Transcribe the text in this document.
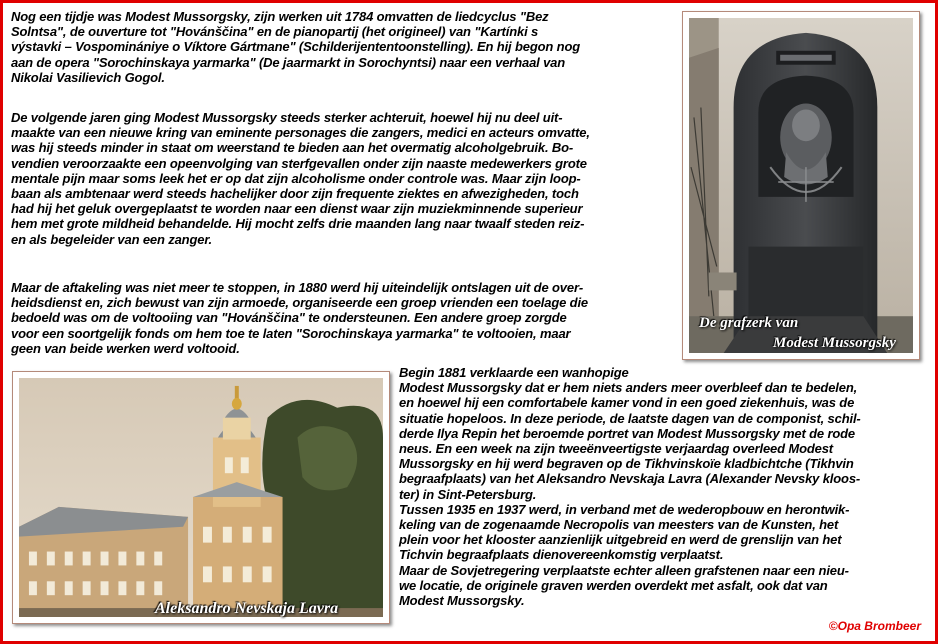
Nog een tijdje was Modest Mussorgsky, zijn werken uit 1784 omvatten de liedcyclus "Bez
Solntsa", de ouverture tot "Hovánščina" en de pianopartij (het origineel) van "Kartínki s
výstavki – Vospominániye o Víktore Gártmane" (Schilderijententoonstelling). En hij begon nog
aan de opera "Sorochinskaya yarmarka" (De jaarmarkt in Sorochyntsi) naar een verhaal van
Nikolai Vasilievich Gogol.

De volgende jaren ging Modest Mussorgsky steeds sterker achteruit, hoewel hij nu deel uit-
maakte van een nieuwe kring van eminente personages die zangers, medici en acteurs omvatte,
was hij steeds minder in staat om weerstand te bieden aan het overmatig alcoholgebruik. Bo-
vendien veroorzaakte een opeenvolging van sterfgevallen onder zijn naaste medewerkers grote
mentale pijn maar soms leek het er op dat zijn alcoholisme onder controle was. Maar zijn loop-
baan als ambtenaar werd steeds hachelijker door zijn frequente ziektes en afwezigheden, toch
had hij het geluk overgeplaatst te worden naar een dienst waar zijn muziekminnende superieur
hem met grote mildheid behandelde. Hij mocht zelfs drie maanden lang naar twaalf steden reiz-
en als begeleider van een zanger.

Maar de aftakeling was niet meer te stoppen, in 1880 werd hij uiteindelijk ontslagen uit de over-
heidsdienst en, zich bewust van zijn armoede, organiseerde een groep vrienden een toelage die
bedoeld was om de voltooiing van "Hovánščina" te ondersteunen. Een andere groep zorgde
voor een soortgelijk fonds om hem toe te laten "Sorochinskaya yarmarka" te voltooien, maar
geen van beide werken werd voltooid.

Begin 1881 verklaarde een wanhopige
Modest Mussorgsky dat er hem niets anders meer overbleef dan te bedelen,
en hoewel hij een comfortabele kamer vond in een goed ziekenhuis, was de
situatie hopeloos. In deze periode, de laatste dagen van de componist, schil-
derde Ilya Repin het beroemde portret van Modest Mussorgsky met de rode
neus. En een week na zijn tweeënveertigste verjaardag overleed Modest
Mussorgsky en hij werd begraven op de Tikhvinskoïe kladbichtche (Tikhvin
begraafplaats) van het Aleksandro Nevskaja Lavra (Alexander Nevsky kloos-
ter) in Sint-Petersburg.
Tussen 1935 en 1937 werd, in verband met de wederopbouw en herontwik-
keling van de zogenaamde Necropolis van meesters van de Kunsten, het
plein voor het klooster aanzienlijk uitgebreid en werd de grenslijn van het
Tichvin begraafplaats dienovereenkomstig verplaatst.
Maar de Sovjetregering verplaatste echter alleen grafstenen naar een nieu-
we locatie, de originele graven werden overdekt met asfalt, ook dat van
Modest Mussorgsky.

De grafzerk van
Modest Mussorgsky
Aleksandro Nevskaja Lavra
©Opa Brombeer
